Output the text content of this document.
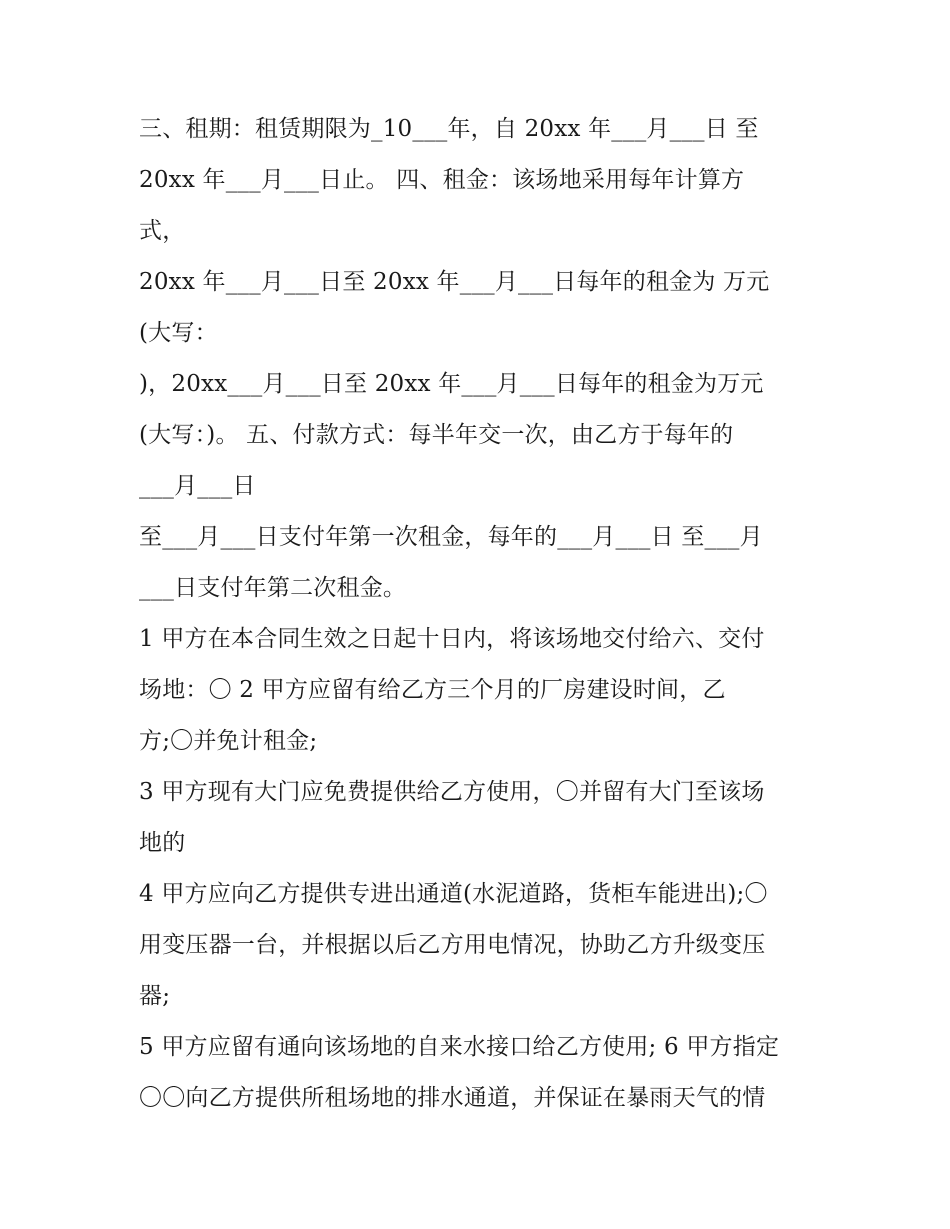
三、租期：租赁期限为_10___年，自 20xx 年___月___日 至
20xx 年___月___日止。 四、租金：该场地采用每年计算方
式，
20xx 年___月___日至 20xx 年___月___日每年的租金为 万元
(大写：
)，20xx___月___日至 20xx 年___月___日每年的租金为万元
(大写：)。 五、付款方式：每半年交一次，由乙方于每年的
___月___日
至___月___日支付年第一次租金，每年的___月___日 至___月
___日支付年第二次租金。
1 甲方在本合同生效之日起十日内，将该场地交付给六、交付
场地：〇 2 甲方应留有给乙方三个月的厂房建设时间，乙
方;〇并免计租金;
3 甲方现有大门应免费提供给乙方使用，〇并留有大门至该场
地的
4 甲方应向乙方提供专进出通道(水泥道路，货柜车能进出);〇
用变压器一台，并根据以后乙方用电情况，协助乙方升级变压
器;
5 甲方应留有通向该场地的自来水接口给乙方使用; 6 甲方指定
〇〇向乙方提供所租场地的排水通道，并保证在暴雨天气的情
